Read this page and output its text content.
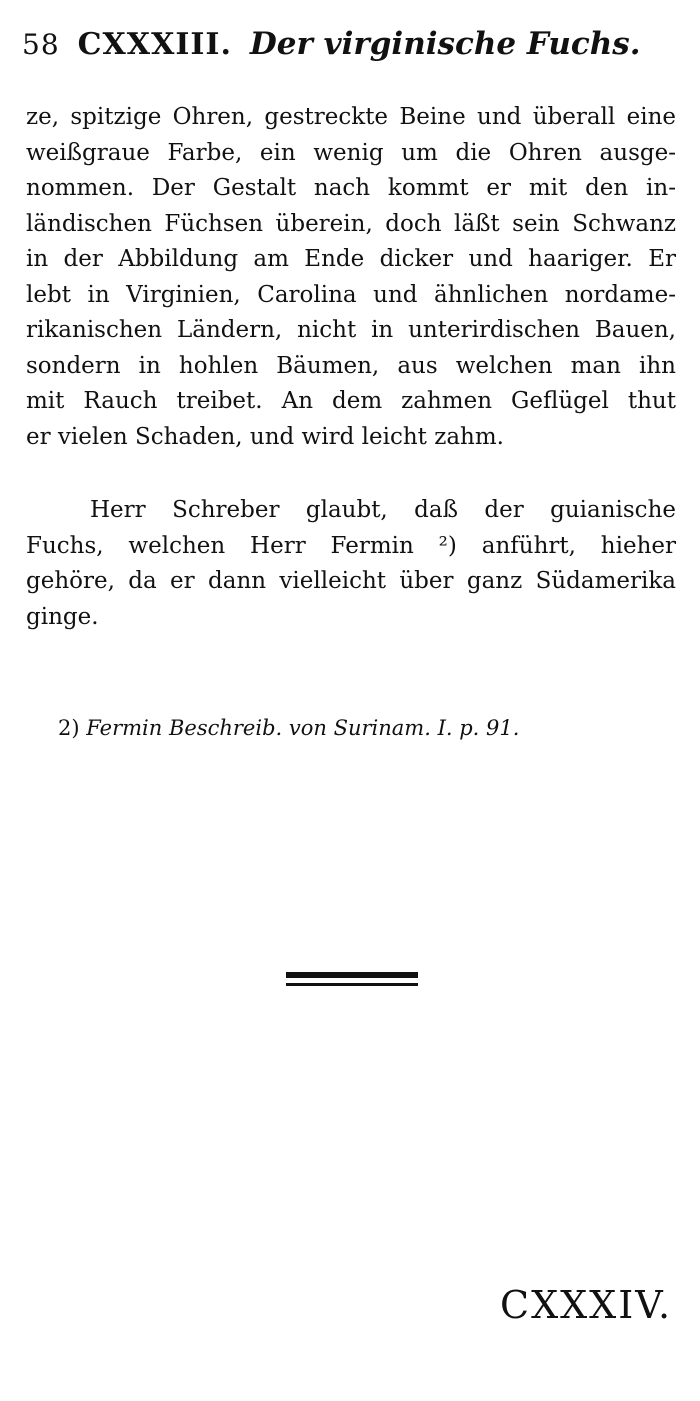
58 CXXXIII. Der virginische Fuchs.
ze, spitzige Ohren, gestreckte Beine und überall eine
weißgraue Farbe, ein wenig um die Ohren ausge-
nommen. Der Gestalt nach kommt er mit den in-
ländischen Füchsen überein, doch läßt sein Schwanz
in der Abbildung am Ende dicker und haariger. Er
lebt in Virginien, Carolina und ähnlichen nordame-
rikanischen Ländern, nicht in unterirdischen Bauen,
sondern in hohlen Bäumen, aus welchen man ihn
mit Rauch treibet. An dem zahmen Geflügel thut
er vielen Schaden, und wird leicht zahm.
Herr Schreber glaubt, daß der guianische
Fuchs, welchen Herr Fermin ²) anführt, hieher
gehöre, da er dann vielleicht über ganz Südamerika
ginge.
2) Fermin Beschreib. von Surinam. I. p. 91.
CXXXIV.
